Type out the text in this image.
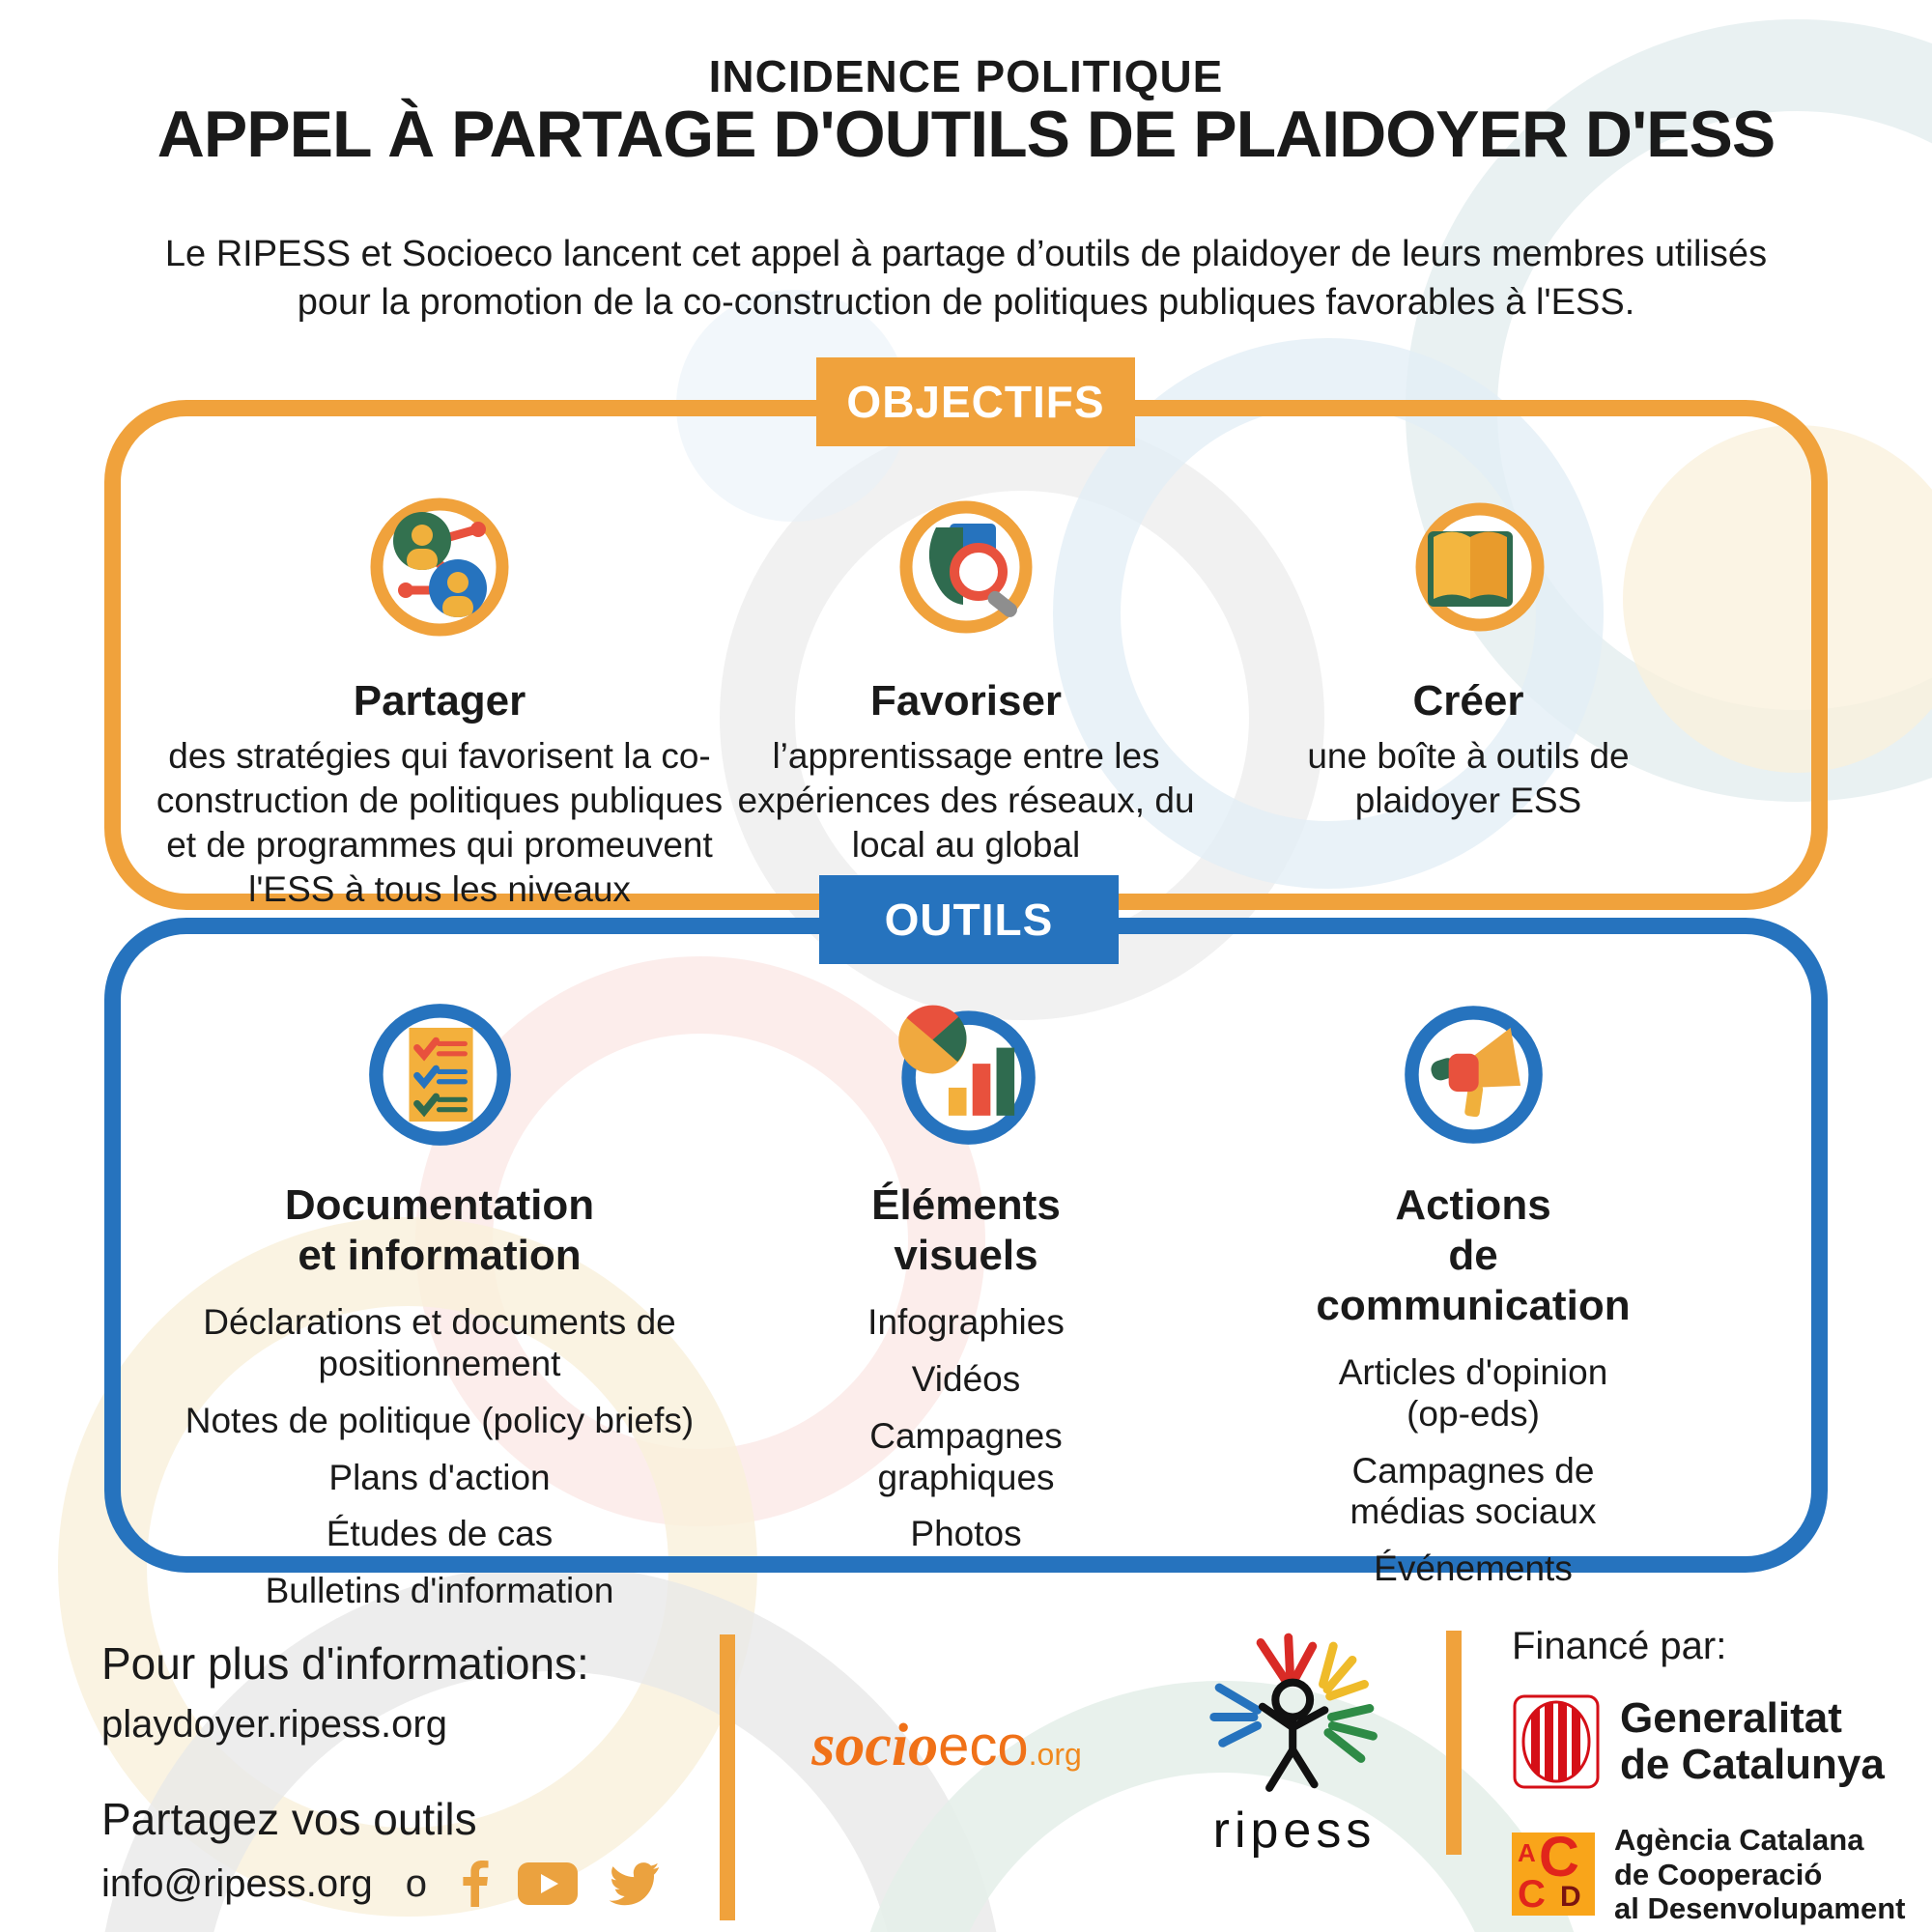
INCIDENCE POLITIQUE
APPEL À PARTAGE D'OUTILS DE PLAIDOYER D'ESS

Le RIPESS et Socioeco lancent cet appel à partage d’outils de plaidoyer de leurs membres utilisés pour la promotion de la co-construction de politiques publiques favorables à l'ESS.

OBJECTIFS
Partager

des stratégies qui favorisent la co-construction de politiques publiques et de programmes qui promeuvent l'ESS à tous les niveaux

Favoriser

l’apprentissage entre les expériences des réseaux, du local au global

Créer

une boîte à outils de plaidoyer ESS

OUTILS
Documentation
et information
Déclarations et documents de positionnement
Notes de politique (policy briefs)
Plans d'action
Études de cas
Bulletins d'information
Éléments
visuels
Infographies
Vidéos
Campagnes graphiques
Photos
Actions
de communication
Articles d'opinion (op-eds)
Campagnes de médias sociaux
Événements
Pour plus d'informations:
playdoyer.ripess.org
Partagez vos outils
info@ripess.org o
socioeco.org
ripess
Financé par:
Generalitat
de Catalunya
A C
C D
Agència Catalana
de Cooperació
al Desenvolupament
